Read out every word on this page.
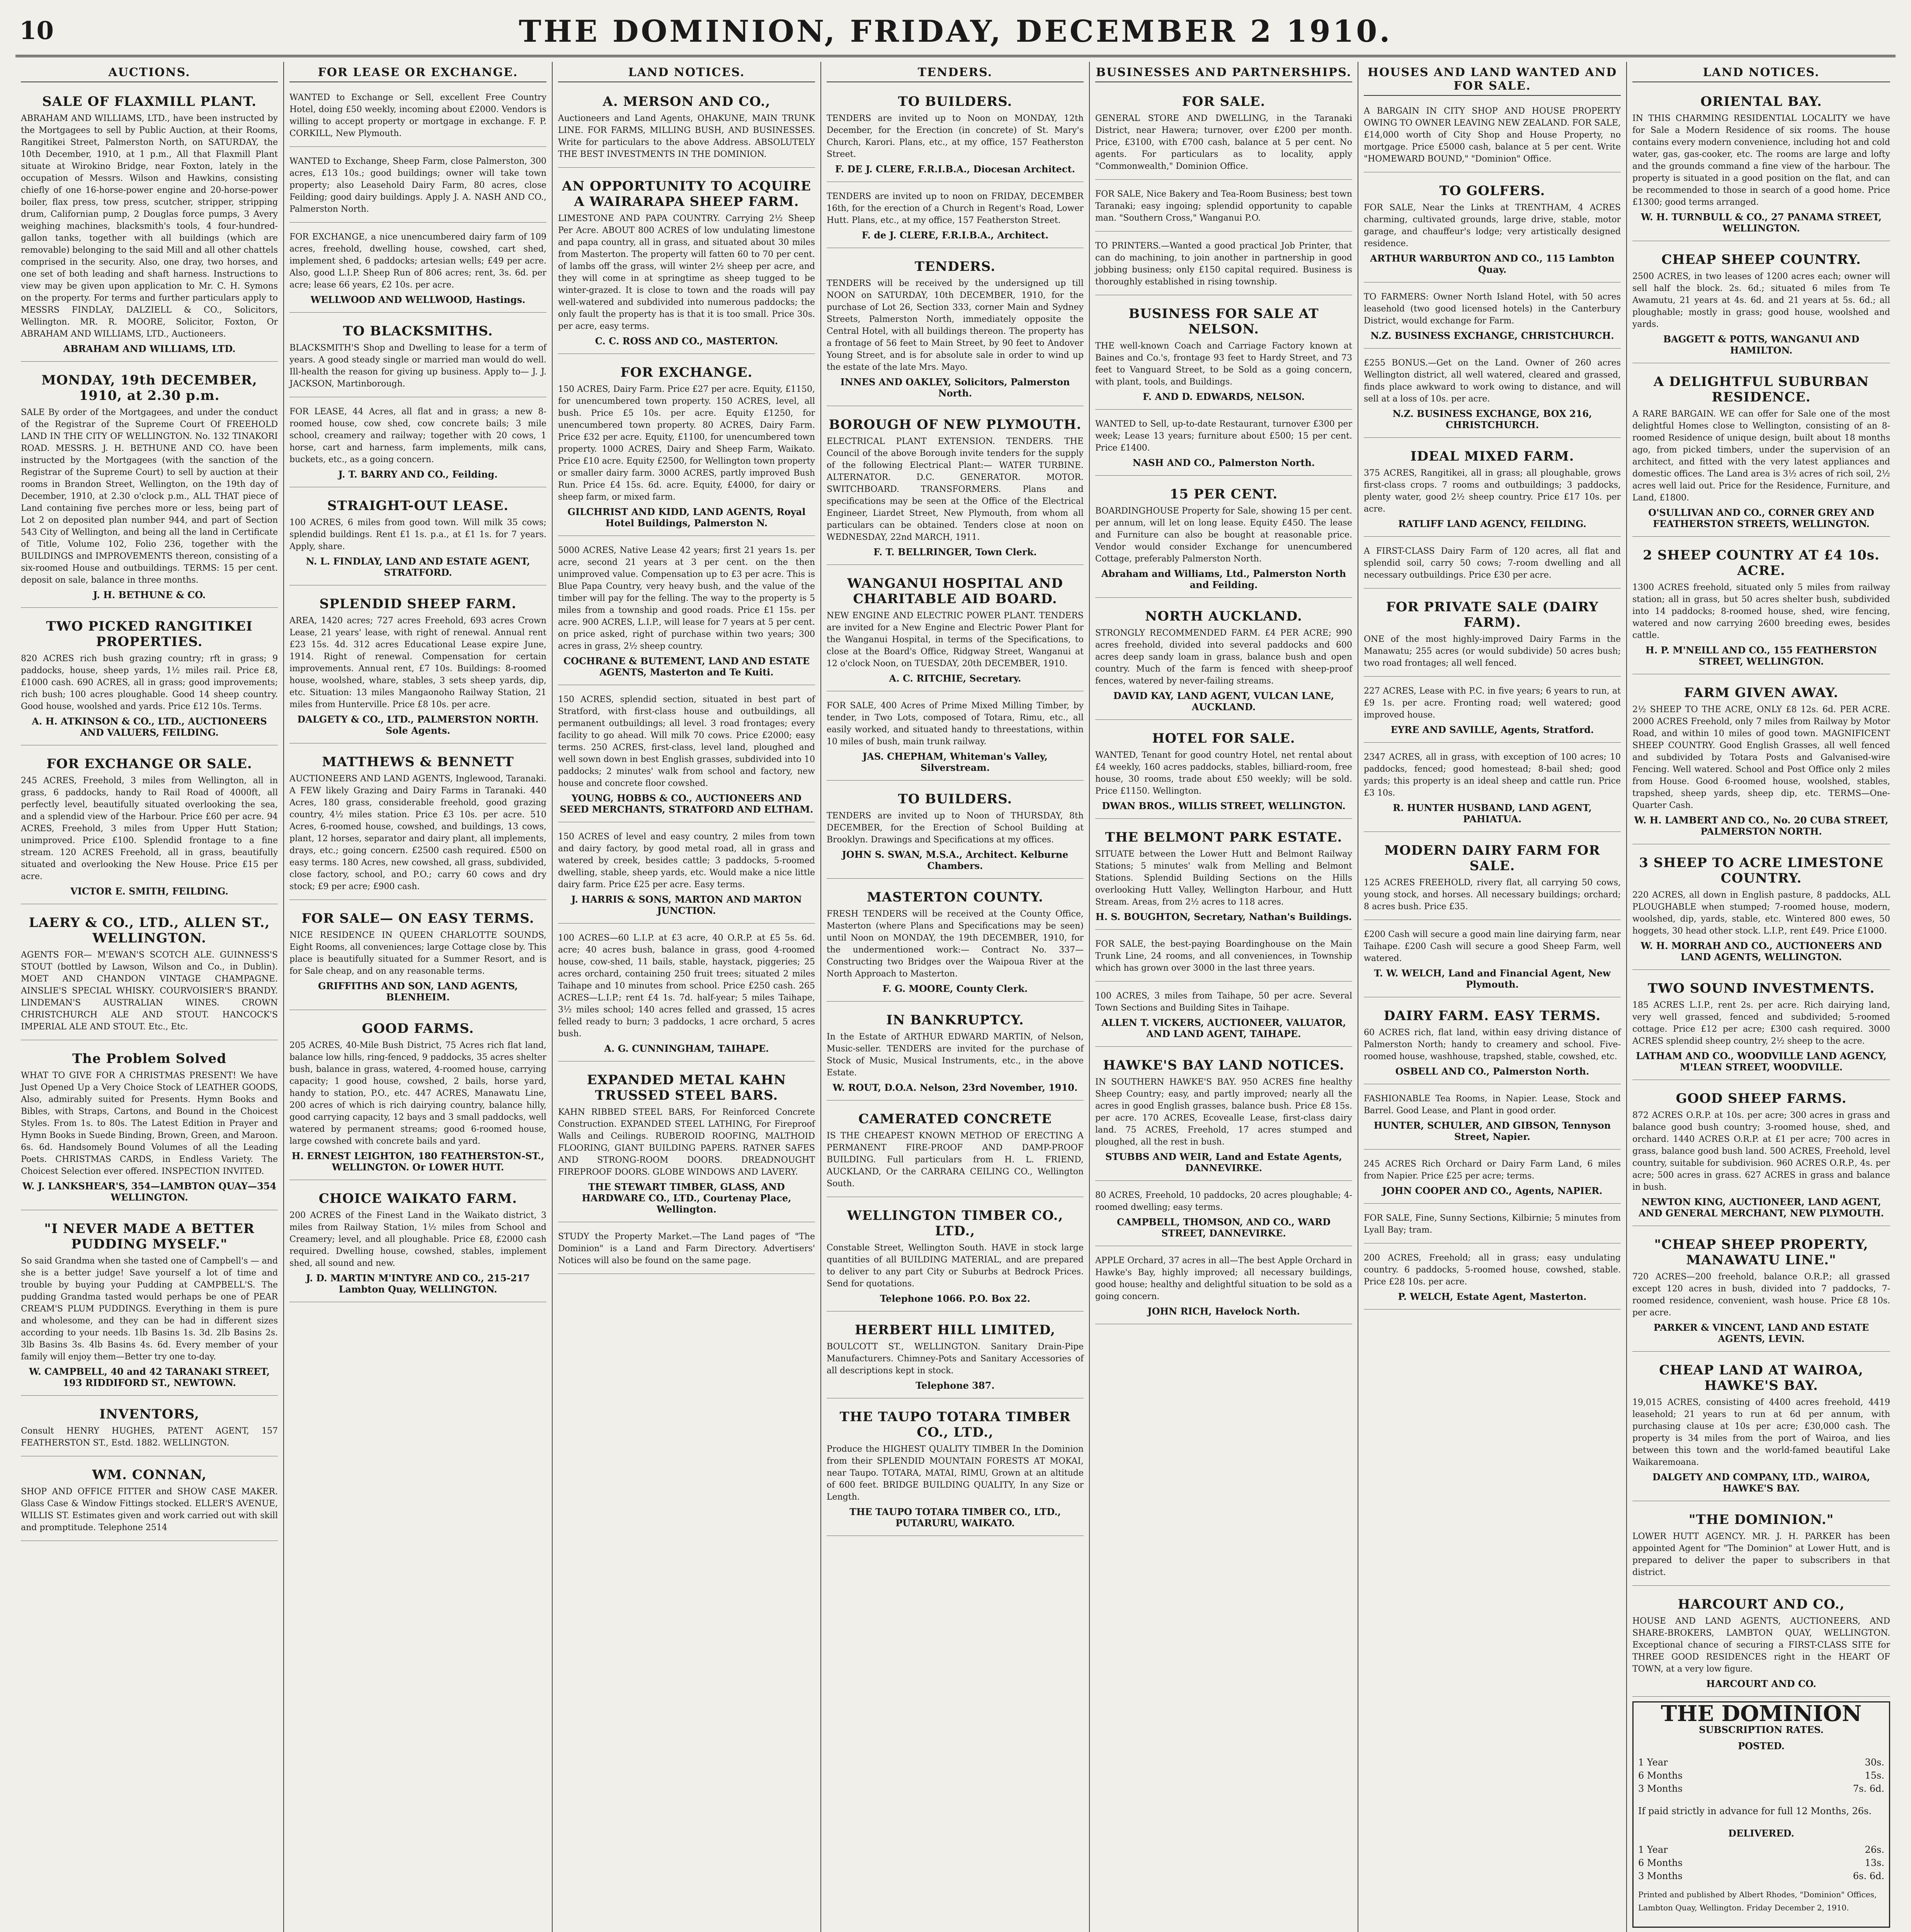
10	THE DOMINION, FRIDAY, DECEMBER 2 1910.
AUCTIONS.
SALE OF FLAXMILL PLANT.

ABRAHAM AND WILLIAMS, LTD., have been instructed by the Mortgagees to sell by Public Auction, at their Rooms, Rangitikei Street, Palmerston North, on SATURDAY, the 10th December, 1910, at 1 p.m., All that Flaxmill Plant situate at Wirokino Bridge, near Foxton, lately in the occupation of Messrs. Wilson and Hawkins, consisting chiefly of one 16-horse-power engine and 20-horse-power boiler, flax press, tow press, scutcher, stripper, stripping drum, Californian pump, 2 Douglas force pumps, 3 Avery weighing machines, blacksmith's tools, 4 four-hundred-gallon tanks, together with all buildings (which are removable) belonging to the said Mill and all other chattels comprised in the security. Also, one dray, two horses, and one set of both leading and shaft harness. Instructions to view may be given upon application to Mr. C. H. Symons on the property. For terms and further particulars apply to MESSRS FINDLAY, DALZIELL & CO., Solicitors, Wellington. MR. R. MOORE, Solicitor, Foxton, Or ABRAHAM AND WILLIAMS, LTD., Auctioneers.

ABRAHAM AND WILLIAMS, LTD.
MONDAY, 19th DECEMBER, 1910, at 2.30 p.m.

SALE By order of the Mortgagees, and under the conduct of the Registrar of the Supreme Court Of FREEHOLD LAND IN THE CITY OF WELLINGTON. No. 132 TINAKORI ROAD. MESSRS. J. H. BETHUNE AND CO. have been instructed by the Mortgagees (with the sanction of the Registrar of the Supreme Court) to sell by auction at their rooms in Brandon Street, Wellington, on the 19th day of December, 1910, at 2.30 o'clock p.m., ALL THAT piece of Land containing five perches more or less, being part of Lot 2 on deposited plan number 944, and part of Section 543 City of Wellington, and being all the land in Certificate of Title, Volume 102, Folio 236, together with the BUILDINGS and IMPROVEMENTS thereon, consisting of a six-roomed House and outbuildings. TERMS: 15 per cent. deposit on sale, balance in three months.

J. H. BETHUNE & CO.
TWO PICKED RANGITIKEI PROPERTIES.

820 ACRES rich bush grazing country; rft in grass; 9 paddocks, house, sheep yards, 1½ miles rail. Price £8, £1000 cash. 690 ACRES, all in grass; good improvements; rich bush; 100 acres ploughable. Good 14 sheep country. Good house, woolshed and yards. Price £12 10s. Terms.

A. H. ATKINSON & CO., LTD., AUCTIONEERS AND VALUERS, FEILDING.
FOR EXCHANGE OR SALE.

245 ACRES, Freehold, 3 miles from Wellington, all in grass, 6 paddocks, handy to Rail Road of 4000ft, all perfectly level, beautifully situated overlooking the sea, and a splendid view of the Harbour. Price £60 per acre. 94 ACRES, Freehold, 3 miles from Upper Hutt Station; unimproved. Price £100. Splendid frontage to a fine stream. 120 ACRES Freehold, all in grass, beautifully situated and overlooking the New House. Price £15 per acre.

VICTOR E. SMITH, FEILDING.
LAERY & CO., LTD., ALLEN ST., WELLINGTON.

AGENTS FOR— M'EWAN'S SCOTCH ALE. GUINNESS'S STOUT (bottled by Lawson, Wilson and Co., in Dublin). MOET AND CHANDON VINTAGE CHAMPAGNE. AINSLIE'S SPECIAL WHISKY. COURVOISIER'S BRANDY. LINDEMAN'S AUSTRALIAN WINES. CROWN CHRISTCHURCH ALE AND STOUT. HANCOCK'S IMPERIAL ALE AND STOUT. Etc., Etc.

The Problem Solved

WHAT TO GIVE FOR A CHRISTMAS PRESENT! We have Just Opened Up a Very Choice Stock of LEATHER GOODS, Also, admirably suited for Presents. Hymn Books and Bibles, with Straps, Cartons, and Bound in the Choicest Styles. From 1s. to 80s. The Latest Edition in Prayer and Hymn Books in Suede Binding, Brown, Green, and Maroon. 6s. 6d. Handsomely Bound Volumes of all the Leading Poets. CHRISTMAS CARDS, in Endless Variety. The Choicest Selection ever offered. INSPECTION INVITED.

W. J. LANKSHEAR'S, 354—LAMBTON QUAY—354 WELLINGTON.
"I NEVER MADE A BETTER PUDDING MYSELF."

So said Grandma when she tasted one of Campbell's — and she is a better judge! Save yourself a lot of time and trouble by buying your Pudding at CAMPBELL'S. The pudding Grandma tasted would perhaps be one of PEAR CREAM'S PLUM PUDDINGS. Everything in them is pure and wholesome, and they can be had in different sizes according to your needs. 1lb Basins 1s. 3d. 2lb Basins 2s. 3lb Basins 3s. 4lb Basins 4s. 6d. Every member of your family will enjoy them—Better try one to-day.

W. CAMPBELL, 40 and 42 TARANAKI STREET, 193 RIDDIFORD ST., NEWTOWN.
INVENTORS,

Consult HENRY HUGHES, PATENT AGENT, 157 FEATHERSTON ST., Estd. 1882. WELLINGTON.

WM. CONNAN,

SHOP AND OFFICE FITTER and SHOW CASE MAKER. Glass Case & Window Fittings stocked. ELLER'S AVENUE, WILLIS ST. Estimates given and work carried out with skill and promptitude. Telephone 2514

FOR LEASE OR EXCHANGE.

WANTED to Exchange or Sell, excellent Free Country Hotel, doing £50 weekly, incoming about £2000. Vendors is willing to accept property or mortgage in exchange. F. P. CORKILL, New Plymouth.

WANTED to Exchange, Sheep Farm, close Palmerston, 300 acres, £13 10s.; good buildings; owner will take town property; also Leasehold Dairy Farm, 80 acres, close Feilding; good dairy buildings. Apply J. A. NASH AND CO., Palmerston North.

FOR EXCHANGE, a nice unencumbered dairy farm of 109 acres, freehold, dwelling house, cowshed, cart shed, implement shed, 6 paddocks; artesian wells; £49 per acre. Also, good L.I.P. Sheep Run of 806 acres; rent, 3s. 6d. per acre; lease 66 years, £2 10s. per acre.

WELLWOOD AND WELLWOOD, Hastings.
TO BLACKSMITHS.

BLACKSMITH'S Shop and Dwelling to lease for a term of years. A good steady single or married man would do well. Ill-health the reason for giving up business. Apply to— J. J. JACKSON, Martinborough.

FOR LEASE, 44 Acres, all flat and in grass; a new 8-roomed house, cow shed, cow concrete bails; 3 mile school, creamery and railway; together with 20 cows, 1 horse, cart and harness, farm implements, milk cans, buckets, etc., as a going concern.

J. T. BARRY AND CO., Feilding.
STRAIGHT-OUT LEASE.

100 ACRES, 6 miles from good town. Will milk 35 cows; splendid buildings. Rent £1 1s. p.a., at £1 1s. for 7 years. Apply, share.

N. L. FINDLAY, LAND AND ESTATE AGENT, STRATFORD.
SPLENDID SHEEP FARM.

AREA, 1420 acres; 727 acres Freehold, 693 acres Crown Lease, 21 years' lease, with right of renewal. Annual rent £23 15s. 4d. 312 acres Educational Lease expire June, 1914. Right of renewal. Compensation for certain improvements. Annual rent, £7 10s. Buildings: 8-roomed house, woolshed, whare, stables, 3 sets sheep yards, dip, etc. Situation: 13 miles Mangaonoho Railway Station, 21 miles from Hunterville. Price £8 10s. per acre.

DALGETY & CO., LTD., PALMERSTON NORTH. Sole Agents.
MATTHEWS & BENNETT

AUCTIONEERS AND LAND AGENTS, Inglewood, Taranaki. A FEW likely Grazing and Dairy Farms in Taranaki. 440 Acres, 180 grass, considerable freehold, good grazing country, 4½ miles station. Price £3 10s. per acre. 510 Acres, 6-roomed house, cowshed, and buildings, 13 cows, plant, 12 horses, separator and dairy plant, all implements, drays, etc.; going concern. £2500 cash required. £500 on easy terms. 180 Acres, new cowshed, all grass, subdivided, close factory, school, and P.O.; carry 60 cows and dry stock; £9 per acre; £900 cash.

FOR SALE— ON EASY TERMS.

NICE RESIDENCE IN QUEEN CHARLOTTE SOUNDS, Eight Rooms, all conveniences; large Cottage close by. This place is beautifully situated for a Summer Resort, and is for Sale cheap, and on any reasonable terms.

GRIFFITHS AND SON, LAND AGENTS, BLENHEIM.
GOOD FARMS.

205 ACRES, 40-Mile Bush District, 75 Acres rich flat land, balance low hills, ring-fenced, 9 paddocks, 35 acres shelter bush, balance in grass, watered, 4-roomed house, carrying capacity; 1 good house, cowshed, 2 bails, horse yard, handy to station, P.O., etc. 447 ACRES, Manawatu Line, 200 acres of which is rich dairying country, balance hilly, good carrying capacity, 12 bays and 3 small paddocks, well watered by permanent streams; good 6-roomed house, large cowshed with concrete bails and yard.

H. ERNEST LEIGHTON, 180 FEATHERSTON-ST., WELLINGTON. Or LOWER HUTT.
CHOICE WAIKATO FARM.

200 ACRES of the Finest Land in the Waikato district, 3 miles from Railway Station, 1½ miles from School and Creamery; level, and all ploughable. Price £8, £2000 cash required. Dwelling house, cowshed, stables, implement shed, all sound and new.

J. D. MARTIN M'INTYRE AND CO., 215-217 Lambton Quay, WELLINGTON.
LAND NOTICES.
A. MERSON AND CO.,

Auctioneers and Land Agents, OHAKUNE, MAIN TRUNK LINE. FOR FARMS, MILLING BUSH, AND BUSINESSES. Write for particulars to the above Address. ABSOLUTELY THE BEST INVESTMENTS IN THE DOMINION.

AN OPPORTUNITY TO ACQUIRE A WAIRARAPA SHEEP FARM.

LIMESTONE AND PAPA COUNTRY. Carrying 2½ Sheep Per Acre. ABOUT 800 ACRES of low undulating limestone and papa country, all in grass, and situated about 30 miles from Masterton. The property will fatten 60 to 70 per cent. of lambs off the grass, will winter 2½ sheep per acre, and they will come in at springtime as sheep tugged to be winter-grazed. It is close to town and the roads will pay well-watered and subdivided into numerous paddocks; the only fault the property has is that it is too small. Price 30s. per acre, easy terms.

C. C. ROSS AND CO., MASTERTON.
FOR EXCHANGE.

150 ACRES, Dairy Farm. Price £27 per acre. Equity, £1150, for unencumbered town property. 150 ACRES, level, all bush. Price £5 10s. per acre. Equity £1250, for unencumbered town property. 80 ACRES, Dairy Farm. Price £32 per acre. Equity, £1100, for unencumbered town property. 1000 ACRES, Dairy and Sheep Farm, Waikato. Price £10 acre. Equity £2500, for Wellington town property or smaller dairy farm. 3000 ACRES, partly improved Bush Run. Price £4 15s. 6d. acre. Equity, £4000, for dairy or sheep farm, or mixed farm.

GILCHRIST AND KIDD, LAND AGENTS, Royal Hotel Buildings, Palmerston N.

5000 ACRES, Native Lease 42 years; first 21 years 1s. per acre, second 21 years at 3 per cent. on the then unimproved value. Compensation up to £3 per acre. This is Blue Papa Country, very heavy bush, and the value of the timber will pay for the felling. The way to the property is 5 miles from a township and good roads. Price £1 15s. per acre. 900 ACRES, L.I.P., will lease for 7 years at 5 per cent. on price asked, right of purchase within two years; 300 acres in grass, 2½ sheep country.

COCHRANE & BUTEMENT, LAND AND ESTATE AGENTS, Masterton and Te Kuiti.

150 ACRES, splendid section, situated in best part of Stratford, with first-class house and outbuildings, all permanent outbuildings; all level. 3 road frontages; every facility to go ahead. Will milk 70 cows. Price £2000; easy terms. 250 ACRES, first-class, level land, ploughed and well sown down in best English grasses, subdivided into 10 paddocks; 2 minutes' walk from school and factory, new house and concrete floor cowshed.

YOUNG, HOBBS & CO., AUCTIONEERS AND SEED MERCHANTS, STRATFORD AND ELTHAM.

150 ACRES of level and easy country, 2 miles from town and dairy factory, by good metal road, all in grass and watered by creek, besides cattle; 3 paddocks, 5-roomed dwelling, stable, sheep yards, etc. Would make a nice little dairy farm. Price £25 per acre. Easy terms.

J. HARRIS & SONS, MARTON AND MARTON JUNCTION.

100 ACRES—60 L.I.P. at £3 acre, 40 O.R.P. at £5 5s. 6d. acre; 40 acres bush, balance in grass, good 4-roomed house, cow-shed, 11 bails, stable, haystack, piggeries; 25 acres orchard, containing 250 fruit trees; situated 2 miles Taihape and 10 minutes from school. Price £250 cash. 265 ACRES—L.I.P.; rent £4 1s. 7d. half-year; 5 miles Taihape, 3½ miles school; 140 acres felled and grassed, 15 acres felled ready to burn; 3 paddocks, 1 acre orchard, 5 acres bush.

A. G. CUNNINGHAM, TAIHAPE.
EXPANDED METAL KAHN TRUSSED STEEL BARS.

KAHN RIBBED STEEL BARS, For Reinforced Concrete Construction. EXPANDED STEEL LATHING, For Fireproof Walls and Ceilings. RUBEROID ROOFING, MALTHOID FLOORING, GIANT BUILDING PAPERS. RATNER SAFES AND STRONG-ROOM DOORS. DREADNOUGHT FIREPROOF DOORS. GLOBE WINDOWS AND LAVERY.

THE STEWART TIMBER, GLASS, AND HARDWARE CO., LTD., Courtenay Place, Wellington.

STUDY the Property Market.—The Land pages of "The Dominion" is a Land and Farm Directory. Advertisers' Notices will also be found on the same page.

TENDERS.
TO BUILDERS.

TENDERS are invited up to Noon on MONDAY, 12th December, for the Erection (in concrete) of St. Mary's Church, Karori. Plans, etc., at my office, 157 Featherston Street.

F. DE J. CLERE, F.R.I.B.A., Diocesan Architect.

TENDERS are invited up to noon on FRIDAY, DECEMBER 16th, for the erection of a Church in Regent's Road, Lower Hutt. Plans, etc., at my office, 157 Featherston Street.

F. de J. CLERE, F.R.I.B.A., Architect.
TENDERS.

TENDERS will be received by the undersigned up till NOON on SATURDAY, 10th DECEMBER, 1910, for the purchase of Lot 26, Section 333, corner Main and Sydney Streets, Palmerston North, immediately opposite the Central Hotel, with all buildings thereon. The property has a frontage of 56 feet to Main Street, by 90 feet to Andover Young Street, and is for absolute sale in order to wind up the estate of the late Mrs. Mayo.

INNES AND OAKLEY, Solicitors, Palmerston North.
BOROUGH OF NEW PLYMOUTH.

ELECTRICAL PLANT EXTENSION. TENDERS. THE Council of the above Borough invite tenders for the supply of the following Electrical Plant:— WATER TURBINE. ALTERNATOR. D.C. GENERATOR. MOTOR. SWITCHBOARD. TRANSFORMERS. Plans and specifications may be seen at the Office of the Electrical Engineer, Liardet Street, New Plymouth, from whom all particulars can be obtained. Tenders close at noon on WEDNESDAY, 22nd MARCH, 1911.

F. T. BELLRINGER, Town Clerk.
WANGANUI HOSPITAL AND CHARITABLE AID BOARD.

NEW ENGINE AND ELECTRIC POWER PLANT. TENDERS are invited for a New Engine and Electric Power Plant for the Wanganui Hospital, in terms of the Specifications, to close at the Board's Office, Ridgway Street, Wanganui at 12 o'clock Noon, on TUESDAY, 20th DECEMBER, 1910.

A. C. RITCHIE, Secretary.

FOR SALE, 400 Acres of Prime Mixed Milling Timber, by tender, in Two Lots, composed of Totara, Rimu, etc., all easily worked, and situated handy to threestations, within 10 miles of bush, main trunk railway.

JAS. CHEPHAM, Whiteman's Valley, Silverstream.
TO BUILDERS.

TENDERS are invited up to Noon of THURSDAY, 8th DECEMBER, for the Erection of School Building at Brooklyn. Drawings and Specifications at my offices.

JOHN S. SWAN, M.S.A., Architect. Kelburne Chambers.
MASTERTON COUNTY.

FRESH TENDERS will be received at the County Office, Masterton (where Plans and Specifications may be seen) until Noon on MONDAY, the 19th DECEMBER, 1910, for the undermentioned work:— Contract No. 337—Constructing two Bridges over the Waipoua River at the North Approach to Masterton.

F. G. MOORE, County Clerk.
IN BANKRUPTCY.

In the Estate of ARTHUR EDWARD MARTIN, of Nelson, Music-seller. TENDERS are invited for the purchase of Stock of Music, Musical Instruments, etc., in the above Estate.

W. ROUT, D.O.A. Nelson, 23rd November, 1910.
CAMERATED CONCRETE

IS THE CHEAPEST KNOWN METHOD OF ERECTING A PERMANENT FIRE-PROOF AND DAMP-PROOF BUILDING. Full particulars from H. L. FRIEND, AUCKLAND, Or the CARRARA CEILING CO., Wellington South.

WELLINGTON TIMBER CO., LTD.,

Constable Street, Wellington South. HAVE in stock large quantities of all BUILDING MATERIAL, and are prepared to deliver to any part City or Suburbs at Bedrock Prices. Send for quotations.

Telephone 1066. P.O. Box 22.
HERBERT HILL LIMITED,

BOULCOTT ST., WELLINGTON. Sanitary Drain-Pipe Manufacturers. Chimney-Pots and Sanitary Accessories of all descriptions kept in stock.

Telephone 387.
THE TAUPO TOTARA TIMBER CO., LTD.,

Produce the HIGHEST QUALITY TIMBER In the Dominion from their SPLENDID MOUNTAIN FORESTS AT MOKAI, near Taupo. TOTARA, MATAI, RIMU, Grown at an altitude of 600 feet. BRIDGE BUILDING QUALITY, In any Size or Length.

THE TAUPO TOTARA TIMBER CO., LTD., PUTARURU, WAIKATO.
BUSINESSES AND PARTNERSHIPS.
FOR SALE.

GENERAL STORE AND DWELLING, in the Taranaki District, near Hawera; turnover, over £200 per month. Price, £3100, with £700 cash, balance at 5 per cent. No agents. For particulars as to locality, apply "Commonwealth," Dominion Office.

FOR SALE, Nice Bakery and Tea-Room Business; best town Taranaki; easy ingoing; splendid opportunity to capable man. "Southern Cross," Wanganui P.O.

TO PRINTERS.—Wanted a good practical Job Printer, that can do machining, to join another in partnership in good jobbing business; only £150 capital required. Business is thoroughly established in rising township.

BUSINESS FOR SALE AT NELSON.

THE well-known Coach and Carriage Factory known at Baines and Co.'s, frontage 93 feet to Hardy Street, and 73 feet to Vanguard Street, to be Sold as a going concern, with plant, tools, and Buildings.

F. AND D. EDWARDS, NELSON.

WANTED to Sell, up-to-date Restaurant, turnover £300 per week; Lease 13 years; furniture about £500; 15 per cent. Price £1400.

NASH AND CO., Palmerston North.
15 PER CENT.

BOARDINGHOUSE Property for Sale, showing 15 per cent. per annum, will let on long lease. Equity £450. The lease and Furniture can also be bought at reasonable price. Vendor would consider Exchange for unencumbered Cottage, preferably Palmerston North.

Abraham and Williams, Ltd., Palmerston North and Feilding.
NORTH AUCKLAND.

STRONGLY RECOMMENDED FARM. £4 PER ACRE; 990 acres freehold, divided into several paddocks and 600 acres deep sandy loam in grass, balance bush and open country. Much of the farm is fenced with sheep-proof fences, watered by never-failing streams.

DAVID KAY, LAND AGENT, VULCAN LANE, AUCKLAND.
HOTEL FOR SALE.

WANTED, Tenant for good country Hotel, net rental about £4 weekly, 160 acres paddocks, stables, billiard-room, free house, 30 rooms, trade about £50 weekly; will be sold. Price £1150. Wellington.

DWAN BROS., WILLIS STREET, WELLINGTON.
THE BELMONT PARK ESTATE.

SITUATE between the Lower Hutt and Belmont Railway Stations; 5 minutes' walk from Melling and Belmont Stations. Splendid Building Sections on the Hills overlooking Hutt Valley, Wellington Harbour, and Hutt Stream. Areas, from 2½ acres to 118 acres.

H. S. BOUGHTON, Secretary, Nathan's Buildings.

FOR SALE, the best-paying Boardinghouse on the Main Trunk Line, 24 rooms, and all conveniences, in Township which has grown over 3000 in the last three years.

100 ACRES, 3 miles from Taihape, 50 per acre. Several Town Sections and Building Sites in Taihape.

ALLEN T. VICKERS, AUCTIONEER, VALUATOR, AND LAND AGENT, TAIHAPE.
HAWKE'S BAY LAND NOTICES.

IN SOUTHERN HAWKE'S BAY. 950 ACRES fine healthy Sheep Country; easy, and partly improved; nearly all the acres in good English grasses, balance bush. Price £8 15s. per acre. 170 ACRES, Ecovealle Lease, first-class dairy land. 75 ACRES, Freehold, 17 acres stumped and ploughed, all the rest in bush.

STUBBS AND WEIR, Land and Estate Agents, DANNEVIRKE.

80 ACRES, Freehold, 10 paddocks, 20 acres ploughable; 4-roomed dwelling; easy terms.

CAMPBELL, THOMSON, AND CO., WARD STREET, DANNEVIRKE.

APPLE Orchard, 37 acres in all—The best Apple Orchard in Hawke's Bay, highly improved; all necessary buildings, good house; healthy and delightful situation to be sold as a going concern.

JOHN RICH, Havelock North.
HOUSES AND LAND WANTED AND FOR SALE.

A BARGAIN IN CITY SHOP AND HOUSE PROPERTY OWING TO OWNER LEAVING NEW ZEALAND. FOR SALE, £14,000 worth of City Shop and House Property, no mortgage. Price £5000 cash, balance at 5 per cent. Write "HOMEWARD BOUND," "Dominion" Office.

TO GOLFERS.

FOR SALE, Near the Links at TRENTHAM, 4 ACRES charming, cultivated grounds, large drive, stable, motor garage, and chauffeur's lodge; very artistically designed residence.

ARTHUR WARBURTON AND CO., 115 Lambton Quay.

TO FARMERS: Owner North Island Hotel, with 50 acres leasehold (two good licensed hotels) in the Canterbury District, would exchange for Farm.

N.Z. BUSINESS EXCHANGE, CHRISTCHURCH.

£255 BONUS.—Get on the Land. Owner of 260 acres Wellington district, all well watered, cleared and grassed, finds place awkward to work owing to distance, and will sell at a loss of 10s. per acre.

N.Z. BUSINESS EXCHANGE, BOX 216, CHRISTCHURCH.
IDEAL MIXED FARM.

375 ACRES, Rangitikei, all in grass; all ploughable, grows first-class crops. 7 rooms and outbuildings; 3 paddocks, plenty water, good 2½ sheep country. Price £17 10s. per acre.

RATLIFF LAND AGENCY, FEILDING.

A FIRST-CLASS Dairy Farm of 120 acres, all flat and splendid soil, carry 50 cows; 7-room dwelling and all necessary outbuildings. Price £30 per acre.

FOR PRIVATE SALE (DAIRY FARM).

ONE of the most highly-improved Dairy Farms in the Manawatu; 255 acres (or would subdivide) 50 acres bush; two road frontages; all well fenced.

227 ACRES, Lease with P.C. in five years; 6 years to run, at £9 1s. per acre. Fronting road; well watered; good improved house.

EYRE AND SAVILLE, Agents, Stratford.

2347 ACRES, all in grass, with exception of 100 acres; 10 paddocks, fenced; good homestead; 8-bail shed; good yards; this property is an ideal sheep and cattle run. Price £3 10s.

R. HUNTER HUSBAND, LAND AGENT, PAHIATUA.
MODERN DAIRY FARM FOR SALE.

125 ACRES FREEHOLD, rivery flat, all carrying 50 cows, young stock, and horses. All necessary buildings; orchard; 8 acres bush. Price £35.

£200 Cash will secure a good main line dairying farm, near Taihape. £200 Cash will secure a good Sheep Farm, well watered.

T. W. WELCH, Land and Financial Agent, New Plymouth.
DAIRY FARM. EASY TERMS.

60 ACRES rich, flat land, within easy driving distance of Palmerston North; handy to creamery and school. Five-roomed house, washhouse, trapshed, stable, cowshed, etc.

OSBELL AND CO., Palmerston North.

FASHIONABLE Tea Rooms, in Napier. Lease, Stock and Barrel. Good Lease, and Plant in good order.

HUNTER, SCHULER, AND GIBSON, Tennyson Street, Napier.

245 ACRES Rich Orchard or Dairy Farm Land, 6 miles from Napier. Price £25 per acre; terms.

JOHN COOPER AND CO., Agents, NAPIER.

FOR SALE, Fine, Sunny Sections, Kilbirnie; 5 minutes from Lyall Bay; tram.

200 ACRES, Freehold; all in grass; easy undulating country. 6 paddocks, 5-roomed house, cowshed, stable. Price £28 10s. per acre.

P. WELCH, Estate Agent, Masterton.
LAND NOTICES.
ORIENTAL BAY.

IN THIS CHARMING RESIDENTIAL LOCALITY we have for Sale a Modern Residence of six rooms. The house contains every modern convenience, including hot and cold water, gas, gas-cooker, etc. The rooms are large and lofty and the grounds command a fine view of the harbour. The property is situated in a good position on the flat, and can be recommended to those in search of a good home. Price £1300; good terms arranged.

W. H. TURNBULL & CO., 27 PANAMA STREET, WELLINGTON.
CHEAP SHEEP COUNTRY.

2500 ACRES, in two leases of 1200 acres each; owner will sell half the block. 2s. 6d.; situated 6 miles from Te Awamutu, 21 years at 4s. 6d. and 21 years at 5s. 6d.; all ploughable; mostly in grass; good house, woolshed and yards.

BAGGETT & POTTS, WANGANUI AND HAMILTON.
A DELIGHTFUL SUBURBAN RESIDENCE.

A RARE BARGAIN. WE can offer for Sale one of the most delightful Homes close to Wellington, consisting of an 8-roomed Residence of unique design, built about 18 months ago, from picked timbers, under the supervision of an architect, and fitted with the very latest appliances and domestic offices. The Land area is 3½ acres of rich soil, 2½ acres well laid out. Price for the Residence, Furniture, and Land, £1800.

O'SULLIVAN AND CO., CORNER GREY AND FEATHERSTON STREETS, WELLINGTON.
2 SHEEP COUNTRY AT £4 10s. ACRE.

1300 ACRES freehold, situated only 5 miles from railway station; all in grass, but 50 acres shelter bush, subdivided into 14 paddocks; 8-roomed house, shed, wire fencing, watered and now carrying 2600 breeding ewes, besides cattle.

H. P. M'NEILL AND CO., 155 FEATHERSTON STREET, WELLINGTON.
FARM GIVEN AWAY.

2½ SHEEP TO THE ACRE, ONLY £8 12s. 6d. PER ACRE. 2000 ACRES Freehold, only 7 miles from Railway by Motor Road, and within 10 miles of good town. MAGNIFICENT SHEEP COUNTRY. Good English Grasses, all well fenced and subdivided by Totara Posts and Galvanised-wire Fencing. Well watered. School and Post Office only 2 miles from House. Good 6-roomed house, woolshed, stables, trapshed, sheep yards, sheep dip, etc. TERMS—One-Quarter Cash.

W. H. LAMBERT AND CO., No. 20 CUBA STREET, PALMERSTON NORTH.
3 SHEEP TO ACRE LIMESTONE COUNTRY.

220 ACRES, all down in English pasture, 8 paddocks, ALL PLOUGHABLE when stumped; 7-roomed house, modern, woolshed, dip, yards, stable, etc. Wintered 800 ewes, 50 hoggets, 30 head other stock. L.I.P., rent £49. Price £1000.

W. H. MORRAH AND CO., AUCTIONEERS AND LAND AGENTS, WELLINGTON.
TWO SOUND INVESTMENTS.

185 ACRES L.I.P., rent 2s. per acre. Rich dairying land, very well grassed, fenced and subdivided; 5-roomed cottage. Price £12 per acre; £300 cash required. 3000 ACRES splendid sheep country, 2½ sheep to the acre.

LATHAM AND CO., WOODVILLE LAND AGENCY, M'LEAN STREET, WOODVILLE.
GOOD SHEEP FARMS.

872 ACRES O.R.P. at 10s. per acre; 300 acres in grass and balance good bush country; 3-roomed house, shed, and orchard. 1440 ACRES O.R.P. at £1 per acre; 700 acres in grass, balance good bush land. 500 ACRES, Freehold, level country, suitable for subdivision. 960 ACRES O.R.P., 4s. per acre; 500 acres in grass. 627 ACRES in grass and balance in bush.

NEWTON KING, AUCTIONEER, LAND AGENT, AND GENERAL MERCHANT, NEW PLYMOUTH.
"CHEAP SHEEP PROPERTY, MANAWATU LINE."

720 ACRES—200 freehold, balance O.R.P.; all grassed except 120 acres in bush, divided into 7 paddocks, 7-roomed residence, convenient, wash house. Price £8 10s. per acre.

PARKER & VINCENT, LAND AND ESTATE AGENTS, LEVIN.
CHEAP LAND AT WAIROA, HAWKE'S BAY.

19,015 ACRES, consisting of 4400 acres freehold, 4419 leasehold; 21 years to run at 6d per annum, with purchasing clause at 10s per acre; £30,000 cash. The property is 34 miles from the port of Wairoa, and lies between this town and the world-famed beautiful Lake Waikaremoana.

DALGETY AND COMPANY, LTD., WAIROA, HAWKE'S BAY.
"THE DOMINION."

LOWER HUTT AGENCY. MR. J. H. PARKER has been appointed Agent for "The Dominion" at Lower Hutt, and is prepared to deliver the paper to subscribers in that district.

HARCOURT AND CO.,

HOUSE AND LAND AGENTS, AUCTIONEERS, AND SHARE-BROKERS, LAMBTON QUAY, WELLINGTON. Exceptional chance of securing a FIRST-CLASS SITE for THREE GOOD RESIDENCES right in the HEART OF TOWN, at a very low figure.

HARCOURT AND CO.
THE DOMINION
SUBSCRIPTION RATES.
POSTED.
1 Year	30s.
6 Months	15s.
3 Months	7s. 6d.

If paid strictly in advance for full 12 Months, 26s.

DELIVERED.
1 Year	26s.
6 Months	13s.
3 Months	6s. 6d.

Printed and published by Albert Rhodes, "Dominion" Offices, Lambton Quay, Wellington. Friday December 2, 1910.
